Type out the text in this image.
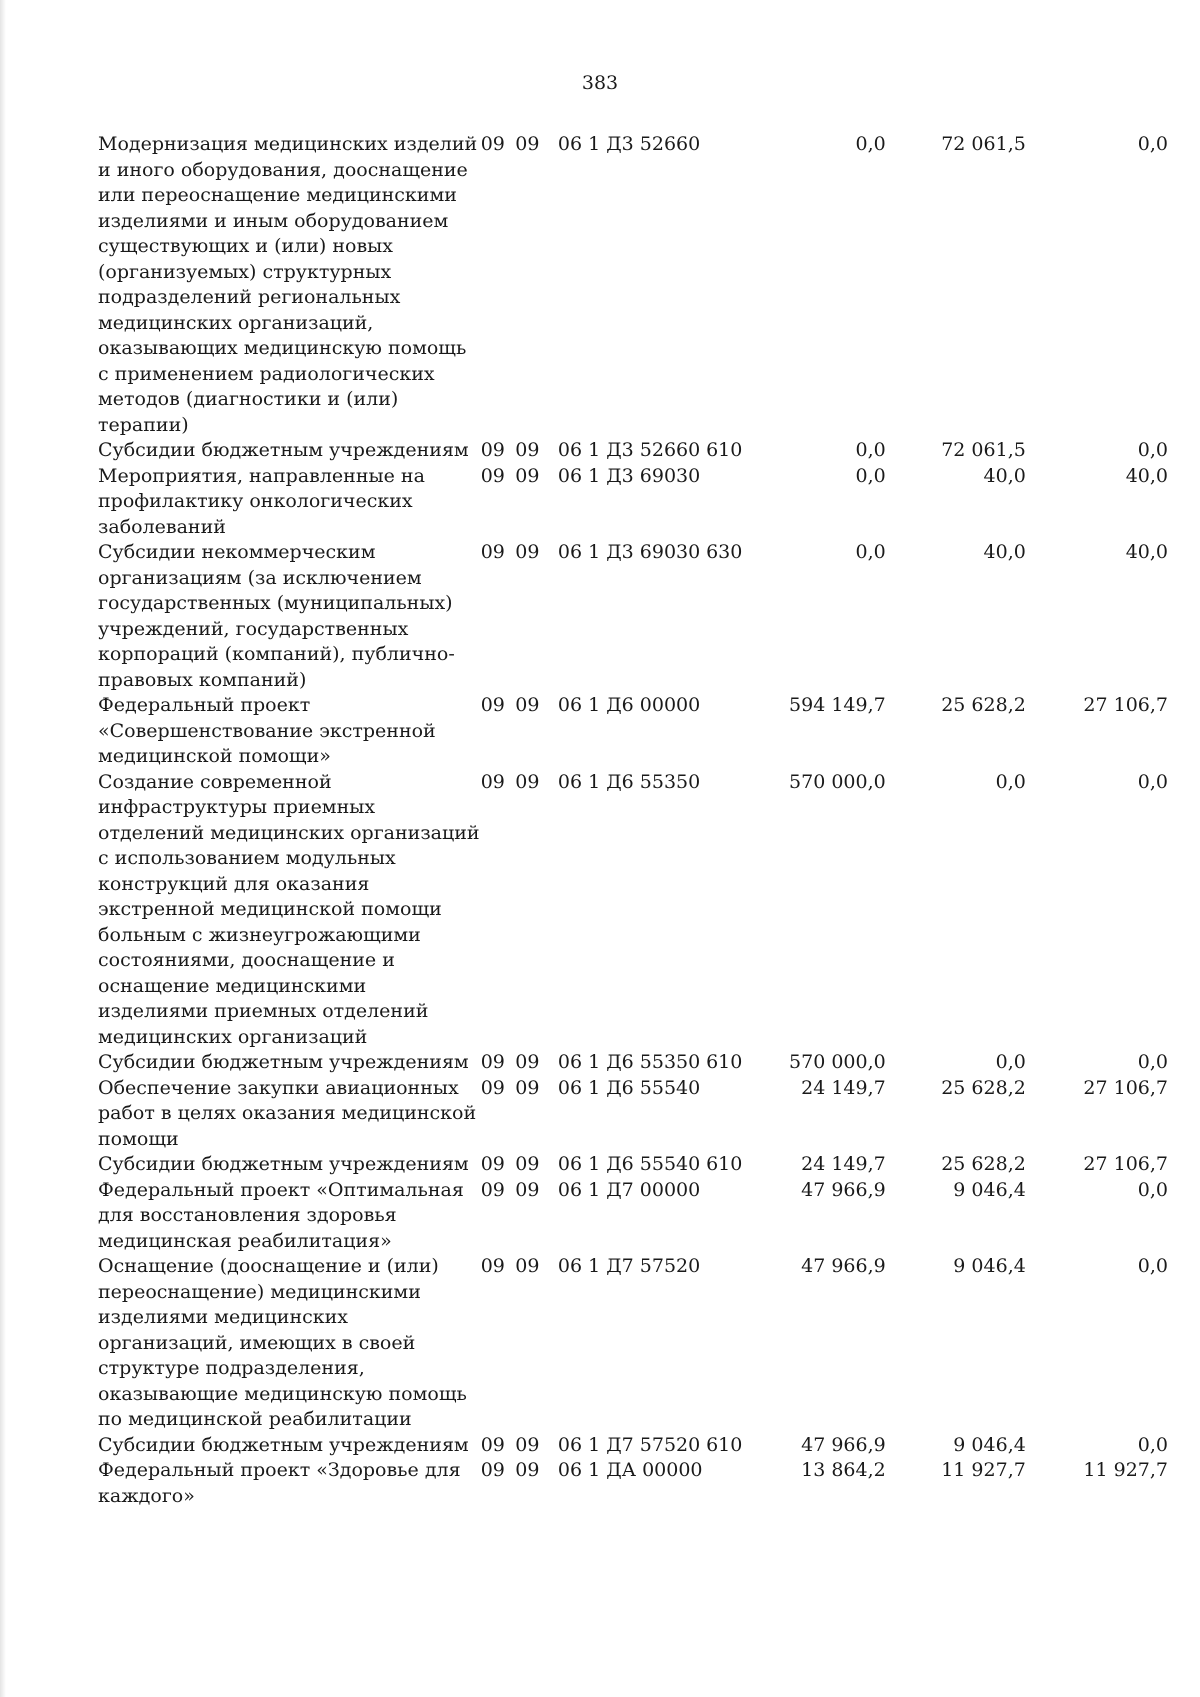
383
Модернизация медицинских изделий и иного оборудования, дооснащение или переоснащение медицинскими изделиями и иным оборудованием существующих и (или) новых (организуемых) структурных подразделений региональных медицинских организаций, оказывающих медицинскую помощь с применением радиологических методов (диагностики и (или) терапии)	09	09	06 1 Д3 52660		0,0	72 061,5	0,0
Субсидии бюджетным учреждениям	09	09	06 1 Д3 52660	610	0,0	72 061,5	0,0
Мероприятия, направленные на профилактику онкологических заболеваний	09	09	06 1 Д3 69030		0,0	40,0	40,0
Субсидии некоммерческим организациям (за исключением государственных (муниципальных) учреждений, государственных корпораций (компаний), публично-правовых компаний)	09	09	06 1 Д3 69030	630	0,0	40,0	40,0
Федеральный проект «Совершенствование экстренной медицинской помощи»	09	09	06 1 Д6 00000		594 149,7	25 628,2	27 106,7
Создание современной инфраструктуры приемных отделений медицинских организаций с использованием модульных конструкций для оказания экстренной медицинской помощи больным с жизнеугрожающими состояниями, дооснащение и оснащение медицинскими изделиями приемных отделений медицинских организаций	09	09	06 1 Д6 55350		570 000,0	0,0	0,0
Субсидии бюджетным учреждениям	09	09	06 1 Д6 55350	610	570 000,0	0,0	0,0
Обеспечение закупки авиационных работ в целях оказания медицинской помощи	09	09	06 1 Д6 55540		24 149,7	25 628,2	27 106,7
Субсидии бюджетным учреждениям	09	09	06 1 Д6 55540	610	24 149,7	25 628,2	27 106,7
Федеральный проект «Оптимальная для восстановления здоровья медицинская реабилитация»	09	09	06 1 Д7 00000		47 966,9	9 046,4	0,0
Оснащение (дооснащение и (или) переоснащение) медицинскими изделиями медицинских организаций, имеющих в своей структуре подразделения, оказывающие медицинскую помощь по медицинской реабилитации	09	09	06 1 Д7 57520		47 966,9	9 046,4	0,0
Субсидии бюджетным учреждениям	09	09	06 1 Д7 57520	610	47 966,9	9 046,4	0,0
Федеральный проект «Здоровье для каждого»	09	09	06 1 ДА 00000		13 864,2	11 927,7	11 927,7
